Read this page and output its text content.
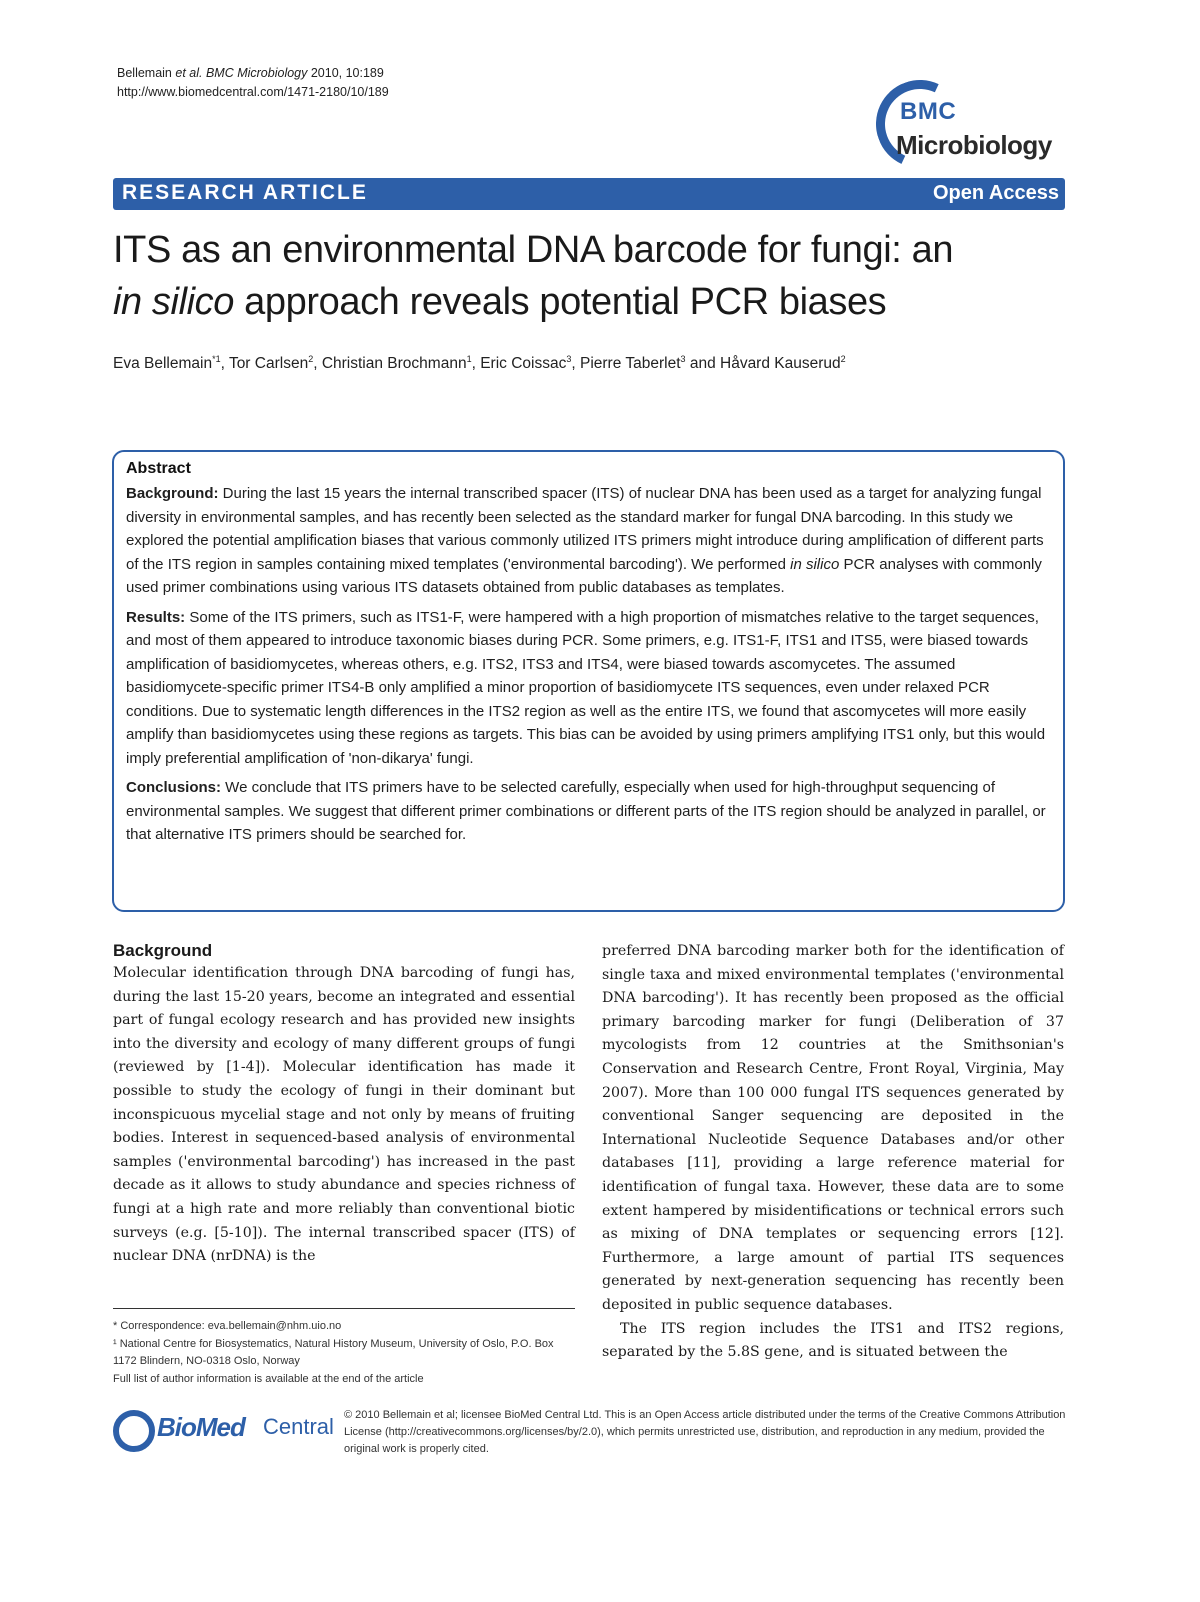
Bellemain et al. BMC Microbiology 2010, 10:189
http://www.biomedcentral.com/1471-2180/10/189
BMC
Microbiology
RESEARCH ARTICLE	Open Access
ITS as an environmental DNA barcode for fungi: an
in silico approach reveals potential PCR biases
Eva Bellemain$^{*1}$, Tor Carlsen$^2$, Christian Brochmann$^1$, Eric Coissac$^3$, Pierre Taberlet$^3$ and Håvard Kauserud$^2$
Abstract

Background: During the last 15 years the internal transcribed spacer (ITS) of nuclear DNA has been used as a target for analyzing fungal diversity in environmental samples, and has recently been selected as the standard marker for fungal DNA barcoding. In this study we explored the potential amplification biases that various commonly utilized ITS primers might introduce during amplification of different parts of the ITS region in samples containing mixed templates ('environmental barcoding'). We performed in silico PCR analyses with commonly used primer combinations using various ITS datasets obtained from public databases as templates.

Results: Some of the ITS primers, such as ITS1-F, were hampered with a high proportion of mismatches relative to the target sequences, and most of them appeared to introduce taxonomic biases during PCR. Some primers, e.g. ITS1-F, ITS1 and ITS5, were biased towards amplification of basidiomycetes, whereas others, e.g. ITS2, ITS3 and ITS4, were biased towards ascomycetes. The assumed basidiomycete-specific primer ITS4-B only amplified a minor proportion of basidiomycete ITS sequences, even under relaxed PCR conditions. Due to systematic length differences in the ITS2 region as well as the entire ITS, we found that ascomycetes will more easily amplify than basidiomycetes using these regions as targets. This bias can be avoided by using primers amplifying ITS1 only, but this would imply preferential amplification of 'non-dikarya' fungi.

Conclusions: We conclude that ITS primers have to be selected carefully, especially when used for high-throughput sequencing of environmental samples. We suggest that different primer combinations or different parts of the ITS region should be analyzed in parallel, or that alternative ITS primers should be searched for.

Background

Molecular identification through DNA barcoding of fungi has, during the last 15-20 years, become an integrated and essential part of fungal ecology research and has provided new insights into the diversity and ecology of many different groups of fungi (reviewed by [1-4]). Molecular identification has made it possible to study the ecology of fungi in their dominant but inconspicuous mycelial stage and not only by means of fruiting bodies. Interest in sequenced-based analysis of environmental samples ('environmental barcoding') has increased in the past decade as it allows to study abundance and species richness of fungi at a high rate and more reliably than conventional biotic surveys (e.g. [5-10]). The internal transcribed spacer (ITS) of nuclear DNA (nrDNA) is the

preferred DNA barcoding marker both for the identification of single taxa and mixed environmental templates ('environmental DNA barcoding'). It has recently been proposed as the official primary barcoding marker for fungi (Deliberation of 37 mycologists from 12 countries at the Smithsonian's Conservation and Research Centre, Front Royal, Virginia, May 2007). More than 100 000 fungal ITS sequences generated by conventional Sanger sequencing are deposited in the International Nucleotide Sequence Databases and/or other databases [11], providing a large reference material for identification of fungal taxa. However, these data are to some extent hampered by misidentifications or technical errors such as mixing of DNA templates or sequencing errors [12]. Furthermore, a large amount of partial ITS sequences generated by next-generation sequencing has recently been deposited in public sequence databases.

The ITS region includes the ITS1 and ITS2 regions, separated by the 5.8S gene, and is situated between the

* Correspondence: eva.bellemain@nhm.uio.no
¹ National Centre for Biosystematics, Natural History Museum, University of Oslo, P.O. Box 1172 Blindern, NO-0318 Oslo, Norway
Full list of author information is available at the end of the article
BioMed Central © 2010 Bellemain et al; licensee BioMed Central Ltd. This is an Open Access article distributed under the terms of the Creative Commons Attribution License (http://creativecommons.org/licenses/by/2.0), which permits unrestricted use, distribution, and reproduction in any medium, provided the original work is properly cited.
